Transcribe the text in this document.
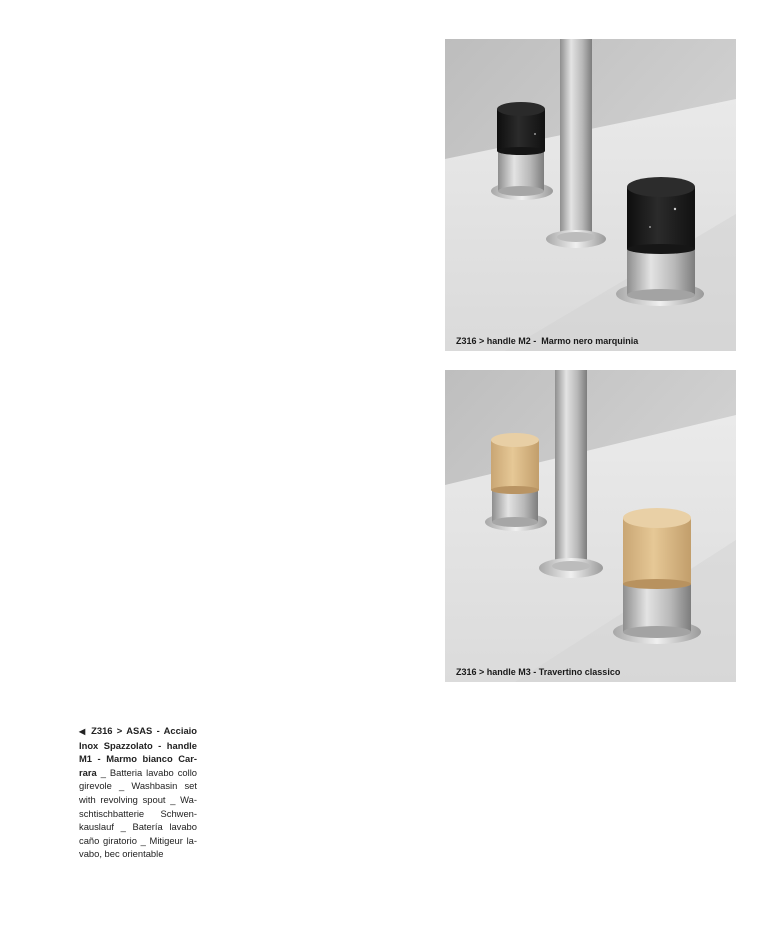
Z316 > handle M2 -  Marmo nero marquinia
Z316 > handle M3 - Travertino classico
◀ Z316 > ASAS - Acciaio Inox Spazzolato - handle M1 - Marmo bianco Carrara _ Batteria lavabo collo girevole _ Washbasin set with revolving spout _ Waschtischbatterie Schwenkauslauf _ Batería lavabo caño giratorio _ Mitigeur lavabo, bec orientable
